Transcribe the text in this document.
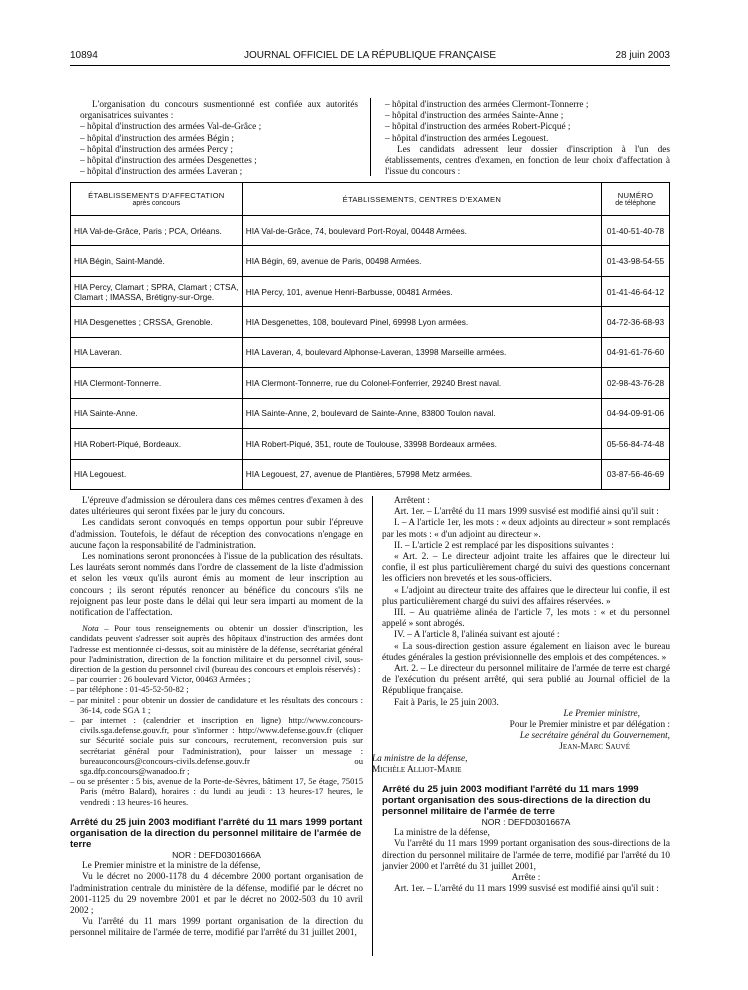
10894	JOURNAL OFFICIEL DE LA RÉPUBLIQUE FRANÇAISE	28 juin 2003

L'organisation du concours susmentionné est confiée aux autorités organisatrices suivantes :

– hôpital d'instruction des armées Val-de-Grâce ;

– hôpital d'instruction des armées Bégin ;

– hôpital d'instruction des armées Percy ;

– hôpital d'instruction des armées Desgenettes ;

– hôpital d'instruction des armées Laveran ;

– hôpital d'instruction des armées Clermont-Tonnerre ;

– hôpital d'instruction des armées Sainte-Anne ;

– hôpital d'instruction des armées Robert-Picqué ;

– hôpital d'instruction des armées Legouest.

Les candidats adressent leur dossier d'inscription à l'un des établissements, centres d'examen, en fonction de leur choix d'affectation à l'issue du concours :

ÉTABLISSEMENTS D'AFFECTATION
après concours	ÉTABLISSEMENTS, CENTRES D'EXAMEN	NUMÉRO
de téléphone

HIA Val-de-Grâce, Paris ; PCA, Orléans.	HIA Val-de-Grâce, 74, boulevard Port-Royal, 00448 Armées.	01-40-51-40-78
HIA Bégin, Saint-Mandé.	HIA Bégin, 69, avenue de Paris, 00498 Armées.	01-43-98-54-55
HIA Percy, Clamart ; SPRA, Clamart ; CTSA, Clamart ; IMASSA, Brétigny-sur-Orge.	HIA Percy, 101, avenue Henri-Barbusse, 00481 Armées.	01-41-46-64-12
HIA Desgenettes ; CRSSA, Grenoble.	HIA Desgenettes, 108, boulevard Pinel, 69998 Lyon armées.	04-72-36-68-93
HIA Laveran.	HIA Laveran, 4, boulevard Alphonse-Laveran, 13998 Marseille armées.	04-91-61-76-60
HIA Clermont-Tonnerre.	HIA Clermont-Tonnerre, rue du Colonel-Fonferrier, 29240 Brest naval.	02-98-43-76-28
HIA Sainte-Anne.	HIA Sainte-Anne, 2, boulevard de Sainte-Anne, 83800 Toulon naval.	04-94-09-91-06
HIA Robert-Piqué, Bordeaux.	HIA Robert-Piqué, 351, route de Toulouse, 33998 Bordeaux armées.	05-56-84-74-48
HIA Legouest.	HIA Legouest, 27, avenue de Plantières, 57998 Metz armées.	03-87-56-46-69

L'épreuve d'admission se déroulera dans ces mêmes centres d'examen à des dates ultérieures qui seront fixées par le jury du concours.

Les candidats seront convoqués en temps opportun pour subir l'épreuve d'admission. Toutefois, le défaut de réception des convocations n'engage en aucune façon la responsabilité de l'administration.

Les nominations seront prononcées à l'issue de la publication des résultats. Les lauréats seront nommés dans l'ordre de classement de la liste d'admission et selon les vœux qu'ils auront émis au moment de leur inscription au concours ; ils seront réputés renoncer au bénéfice du concours s'ils ne rejoignent pas leur poste dans le délai qui leur sera imparti au moment de la notification de l'affectation.

Nota – Pour tous renseignements ou obtenir un dossier d'inscription, les candidats peuvent s'adresser soit auprès des hôpitaux d'instruction des armées dont l'adresse est mentionnée ci-dessus, soit au ministère de la défense, secrétariat général pour l'administration, direction de la fonction militaire et du personnel civil, sous-direction de la gestion du personnel civil (bureau des concours et emplois réservés) :

– par courrier : 26 boulevard Victor, 00463 Armées ;

– par téléphone : 01-45-52-50-82 ;

– par minitel : pour obtenir un dossier de candidature et les résultats des concours : 36-14, code SGA 1 ;

– par internet : (calendrier et inscription en ligne) http://www.concours-civils.sga.defense.gouv.fr, pour s'informer : http://www.defense.gouv.fr (cliquer sur Sécurité sociale puis sur concours, recrutement, reconversion puis sur secrétariat général pour l'administration), pour laisser un message : bureauconcours@concours-civils.defense.gouv.fr ou sga.dfp.concours@wanadoo.fr ;

– ou se présenter : 5 bis, avenue de la Porte-de-Sèvres, bâtiment 17, 5e étage, 75015 Paris (métro Balard), horaires : du lundi au jeudi : 13 heures-17 heures, le vendredi : 13 heures-16 heures.

Arrêté du 25 juin 2003 modifiant l'arrêté du 11 mars 1999 portant organisation de la direction du personnel militaire de l'armée de terre

NOR : DEFD0301666A

Le Premier ministre et la ministre de la défense,

Vu le décret no 2000-1178 du 4 décembre 2000 portant organisation de l'administration centrale du ministère de la défense, modifié par le décret no 2001-1125 du 29 novembre 2001 et par le décret no 2002-503 du 10 avril 2002 ;

Vu l'arrêté du 11 mars 1999 portant organisation de la direction du personnel militaire de l'armée de terre, modifié par l'arrêté du 31 juillet 2001,

Arrêtent :

Art. 1er. – L'arrêté du 11 mars 1999 susvisé est modifié ainsi qu'il suit :

I. – A l'article 1er, les mots : « deux adjoints au directeur » sont remplacés par les mots : « d'un adjoint au directeur ».

II. – L'article 2 est remplacé par les dispositions suivantes :

« Art. 2. – Le directeur adjoint traite les affaires que le directeur lui confie, il est plus particulièrement chargé du suivi des questions concernant les officiers non brevetés et les sous-officiers.

« L'adjoint au directeur traite des affaires que le directeur lui confie, il est plus particulièrement chargé du suivi des affaires réservées. »

III. – Au quatrième alinéa de l'article 7, les mots : « et du personnel appelé » sont abrogés.

IV. – A l'article 8, l'alinéa suivant est ajouté :

« La sous-direction gestion assure également en liaison avec le bureau études générales la gestion prévisionnelle des emplois et des compétences. »

Art. 2. – Le directeur du personnel militaire de l'armée de terre est chargé de l'exécution du présent arrêté, qui sera publié au Journal officiel de la République française.

Fait à Paris, le 25 juin 2003.

Le Premier ministre,

Pour le Premier ministre et par délégation :

Le secrétaire général du Gouvernement,

Jean-Marc Sauvé

La ministre de la défense,

Michèle Alliot-Marie

Arrêté du 25 juin 2003 modifiant l'arrêté du 11 mars 1999 portant organisation des sous-directions de la direction du personnel militaire de l'armée de terre

NOR : DEFD0301667A

La ministre de la défense,

Vu l'arrêté du 11 mars 1999 portant organisation des sous-directions de la direction du personnel militaire de l'armée de terre, modifié par l'arrêté du 10 janvier 2000 et l'arrêté du 31 juillet 2001,

Arrête :

Art. 1er. – L'arrêté du 11 mars 1999 susvisé est modifié ainsi qu'il suit :
